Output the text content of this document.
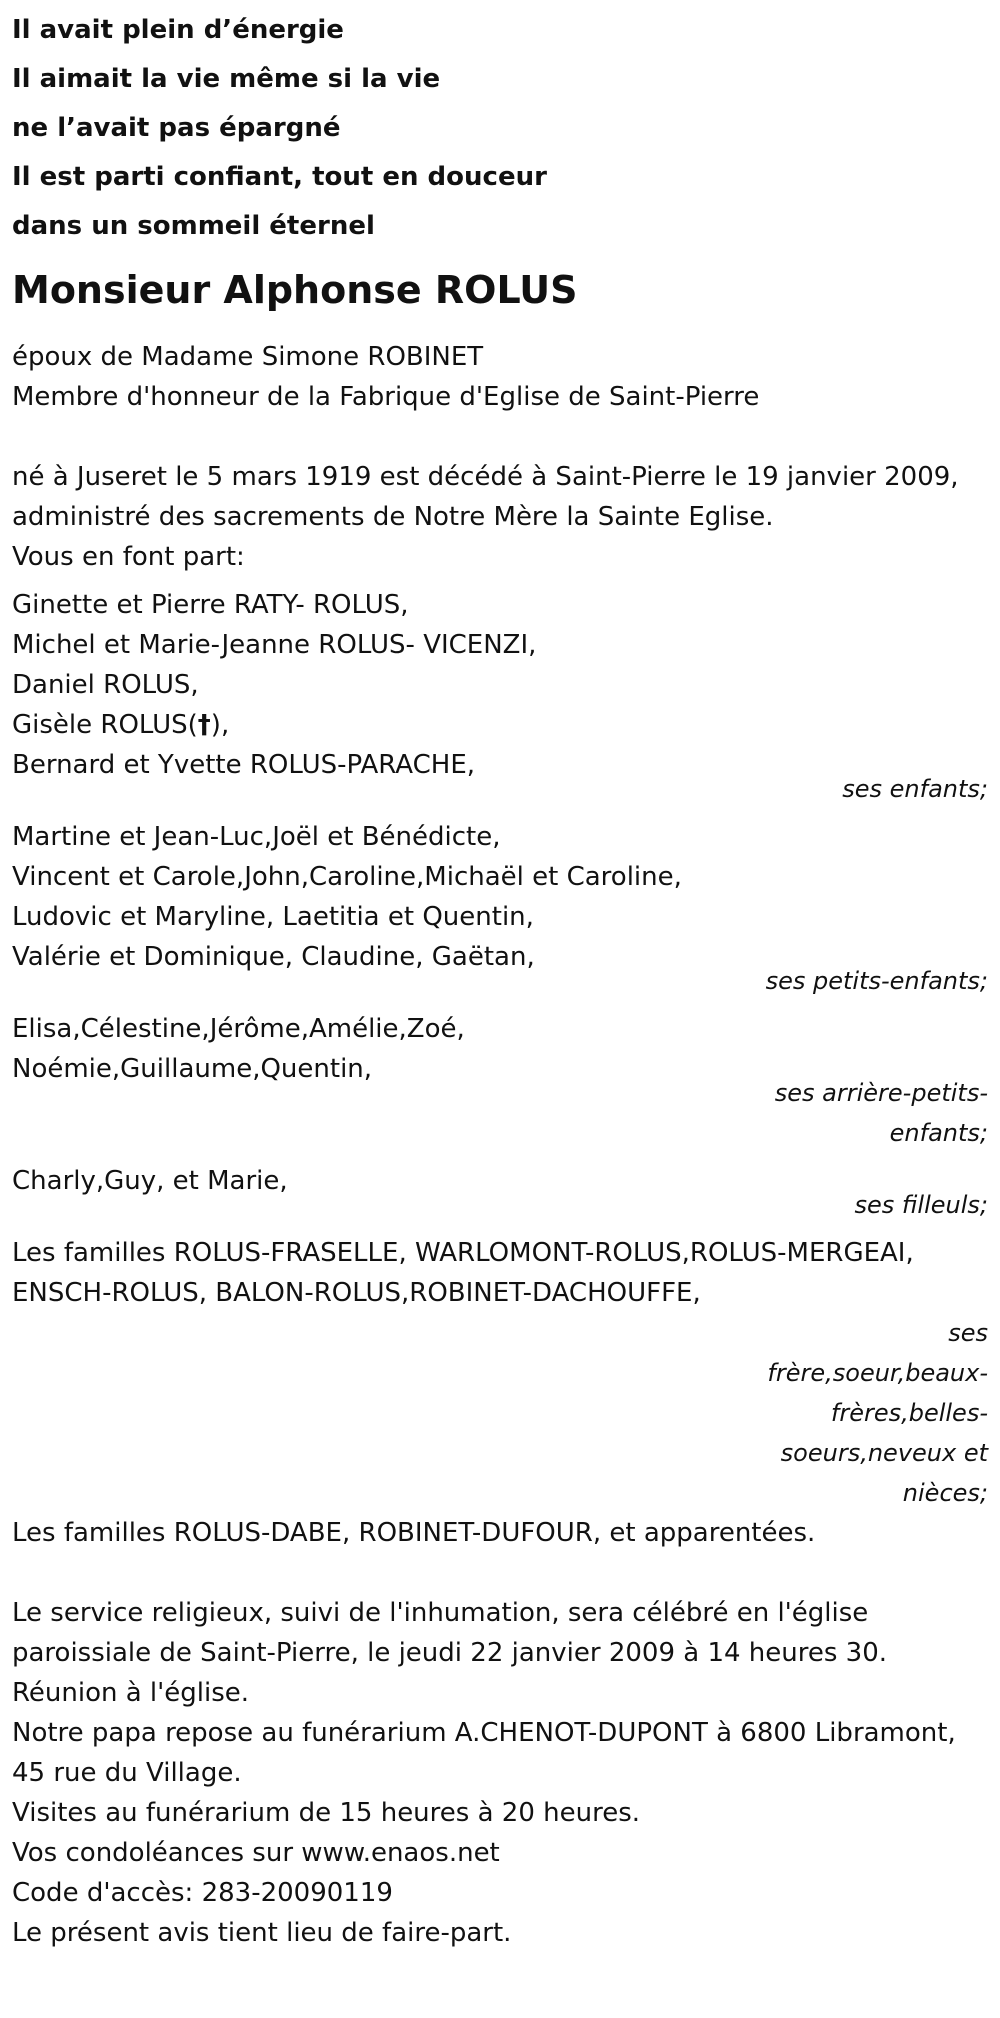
Il avait plein d’énergie
Il aimait la vie même si la vie
ne l’avait pas épargné
Il est parti confiant, tout en douceur
dans un sommeil éternel
Monsieur Alphonse ROLUS

époux de Madame Simone ROBINET

Membre d'honneur de la Fabrique d'Eglise de Saint-Pierre

né à Juseret le 5 mars 1919 est décédé à Saint-Pierre le 19 janvier 2009,

administré des sacrements de Notre Mère la Sainte Eglise.

Vous en font part:

Ginette et Pierre RATY- ROLUS,

Michel et Marie-Jeanne ROLUS- VICENZI,

Daniel ROLUS,

Gisèle ROLUS(†),

Bernard et Yvette ROLUS-PARACHE,

ses enfants;

Martine et Jean-Luc,Joël et Bénédicte,

Vincent et Carole,John,Caroline,Michaël et Caroline,

Ludovic et Maryline, Laetitia et Quentin,

Valérie et Dominique, Claudine, Gaëtan,

ses petits-enfants;

Elisa,Célestine,Jérôme,Amélie,Zoé,

Noémie,Guillaume,Quentin,

ses arrière-petits-
enfants;

Charly,Guy, et Marie,

ses filleuls;

Les familles ROLUS-FRASELLE, WARLOMONT-ROLUS,ROLUS-MERGEAI,

ENSCH-ROLUS, BALON-ROLUS,ROBINET-DACHOUFFE,

ses
frère,soeur,beaux-
frères,belles-
soeurs,neveux et
nièces;

Les familles ROLUS-DABE, ROBINET-DUFOUR, et apparentées.

Le service religieux, suivi de l'inhumation, sera célébré en l'église

paroissiale de Saint-Pierre, le jeudi 22 janvier 2009 à 14 heures 30.

Réunion à l'église.

Notre papa repose au funérarium A.CHENOT-DUPONT à 6800 Libramont,

45 rue du Village.

Visites au funérarium de 15 heures à 20 heures.

Vos condoléances sur www.enaos.net

Code d'accès: 283-20090119

Le présent avis tient lieu de faire-part.
